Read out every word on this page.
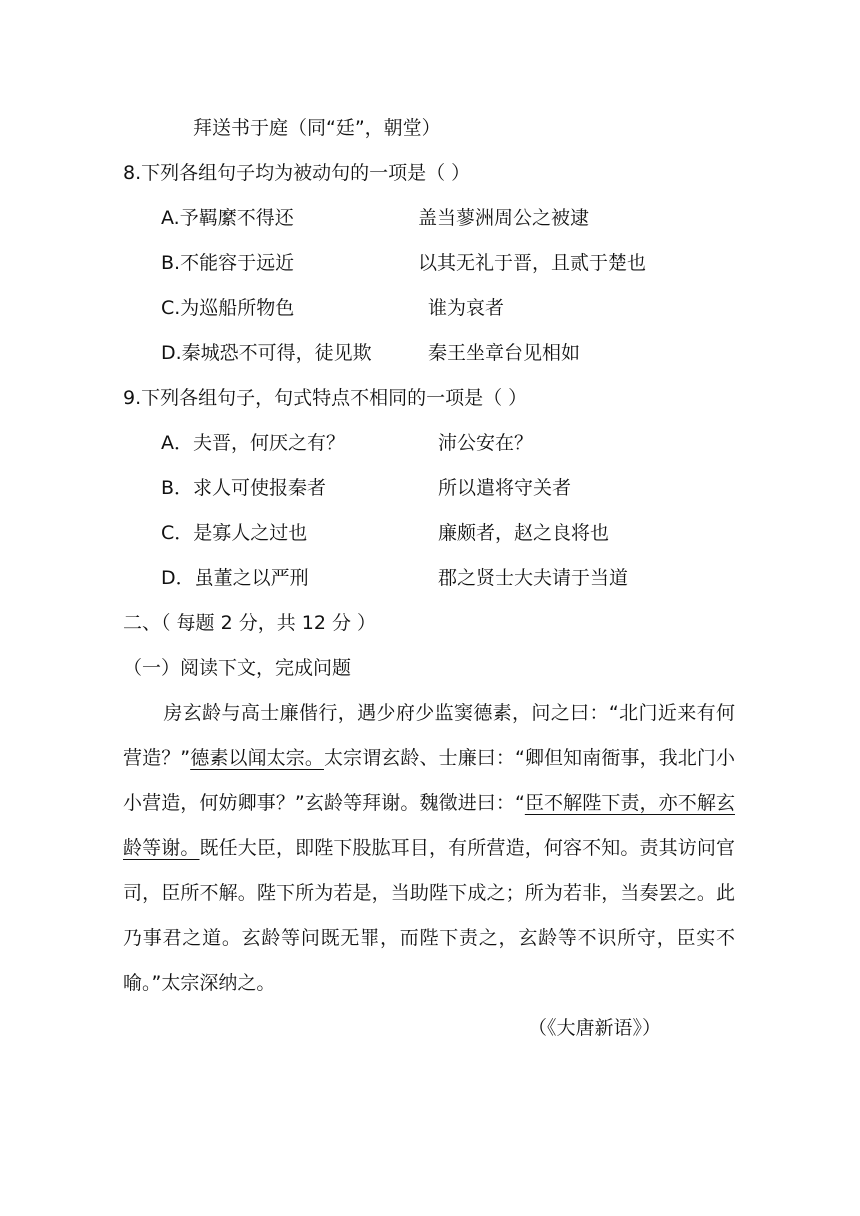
拜送书于庭（同“廷”，朝堂）
8.下列各组句子均为被动句的一项是（ ）
A.予羁縻不得还	盖当蓼洲周公之被逮
B.不能容于远近	以其无礼于晋，且贰于楚也
C.为巡船所物色	谁为哀者
D.秦城恐不可得，徒见欺	秦王坐章台见相如
9.下列各组句子，句式特点不相同的一项是（ ）
A．夫晋，何厌之有？	沛公安在？
B．求人可使报秦者	所以遣将守关者
C．是寡人之过也	廉颇者，赵之良将也
D．虽董之以严刑	郡之贤士大夫请于当道
二、（ 每题 2 分，共 12 分 ）
（一）阅读下文，完成问题
房玄龄与高士廉偕行，遇少府少监窦德素，问之曰：“北门近来有何营造？”德素以闻太宗。太宗谓玄龄、士廉曰：“卿但知南衙事，我北门小小营造，何妨卿事？”玄龄等拜谢。魏徵进曰：“臣不解陛下责，亦不解玄龄等谢。既任大臣，即陛下股肱耳目，有所营造，何容不知。责其访问官司，臣所不解。陛下所为若是，当助陛下成之；所为若非，当奏罢之。此乃事君之道。玄龄等问既无罪，而陛下责之，玄龄等不识所守，臣实不喻。”太宗深纳之。
（《大唐新语》）
